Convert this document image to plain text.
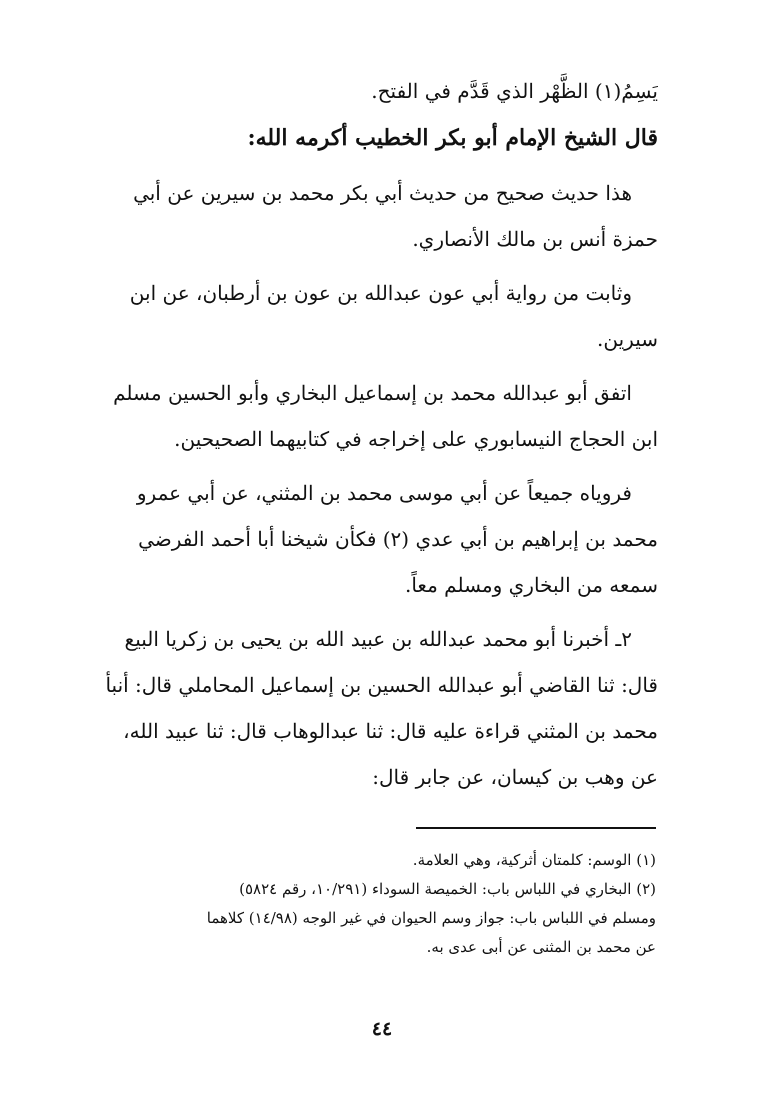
يَسِمُ(١) الظَّهْر الذي قَدَّم في الفتح.
قال الشيخ الإمام أبو بكر الخطيب أكرمه الله:
هذا حديث صحيح من حديث أبي بكر محمد بن سيرين عن أبي
حمزة أنس بن مالك الأنصاري.
وثابت من رواية أبي عون عبدالله بن عون بن أرطبان، عن ابن
سيرين.
اتفق أبو عبدالله محمد بن إسماعيل البخاري وأبو الحسين مسلم
ابن الحجاج النيسابوري على إخراجه في كتابيهما الصحيحين.
فروياه جميعاً عن أبي موسى محمد بن المثني، عن أبي عمرو
محمد بن إبراهيم بن أبي عدي (٢) فكأن شيخنا أبا أحمد الفرضي
سمعه من البخاري ومسلم معاً.
٢ـ أخبرنا أبو محمد عبدالله بن عبيد الله بن يحيى بن زكريا البيع
قال: ثنا القاضي أبو عبدالله الحسين بن إسماعيل المحاملي قال: أنبأ
محمد بن المثني قراءة عليه قال: ثنا عبدالوهاب قال: ثنا عبيد الله،
عن وهب بن كيسان، عن جابر قال:
(١) الوسم: كلمتان أثركية، وهي العلامة.
(٢) البخاري في اللباس باب: الخميصة السوداء (١٠/٢٩١، رقم ٥٨٢٤)
ومسلم في اللباس باب: جواز وسم الحيوان في غير الوجه (١٤/٩٨) كلاهما
عن محمد بن المثنى عن أبى عدى به.
٤٤
